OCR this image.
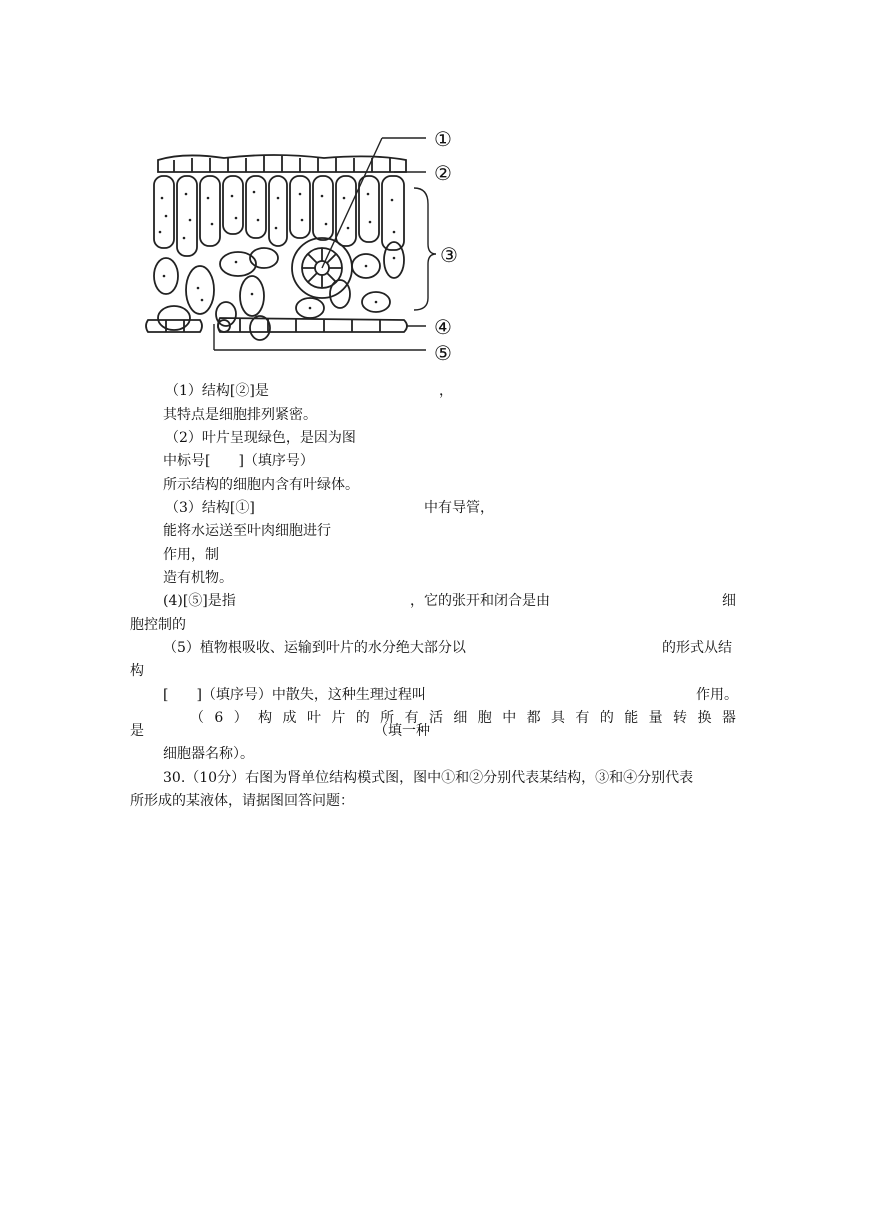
①
②
③
④
⑤
（1）结构[②]是	，
其特点是细胞排列紧密。
（2）叶片呈现绿色，是因为图
中标号[　　]（填序号）
所示结构的细胞内含有叶绿体。
（3）结构[①]	中有导管，
能将水运送至叶肉细胞进行
作用，制
造有机物。
(4)[⑤]是指	，它的张开和闭合是由	细
胞控制的
（5）植物根吸收、运输到叶片的水分绝大部分以	的形式从结
构
[　　]（填序号）中散失，这种生理过程叫	作用。
（ 6 ） 构 成 叶 片 的 所 有 活 细 胞 中 都 具 有 的 能 量 转 换 器
是	（填一种
细胞器名称）。
30.（10分）右图为肾单位结构模式图，图中①和②分别代表某结构，③和④分别代表
所形成的某液体，请据图回答问题：
